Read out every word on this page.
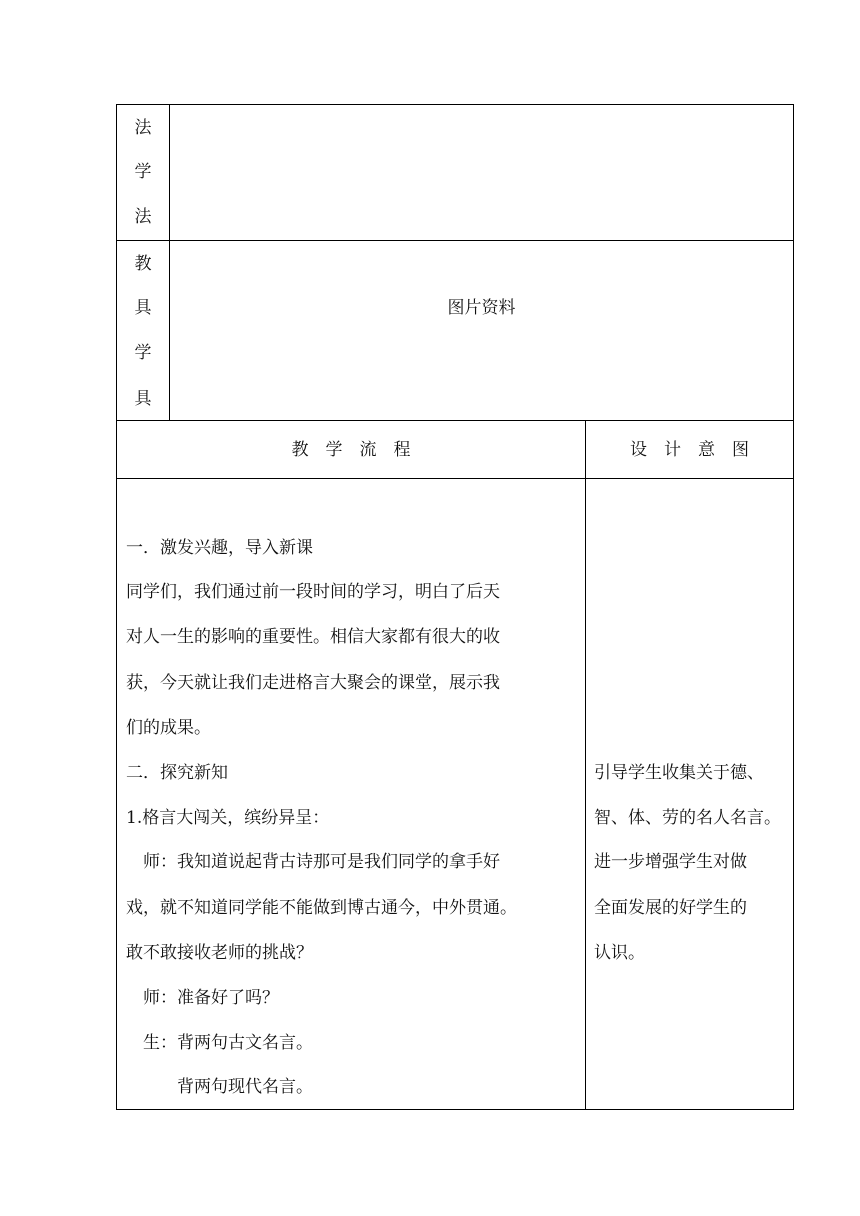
法
学
法
教
具
学
具
图片资料
教　学　流　程	设　计　意　图
一．激发兴趣，导入新课
同学们，我们通过前一段时间的学习，明白了后天
对人一生的影响的重要性。相信大家都有很大的收
获，今天就让我们走进格言大聚会的课堂，展示我
们的成果。
二．探究新知
1.格言大闯关，缤纷异呈：
　师：我知道说起背古诗那可是我们同学的拿手好
戏，就不知道同学能不能做到博古通今，中外贯通。
敢不敢接收老师的挑战？
　师：准备好了吗？
　生：背两句古文名言。
　　　背两句现代名言。
引导学生收集关于德、
智、体、劳的名人名言。
进一步增强学生对做
全面发展的好学生的
认识。
